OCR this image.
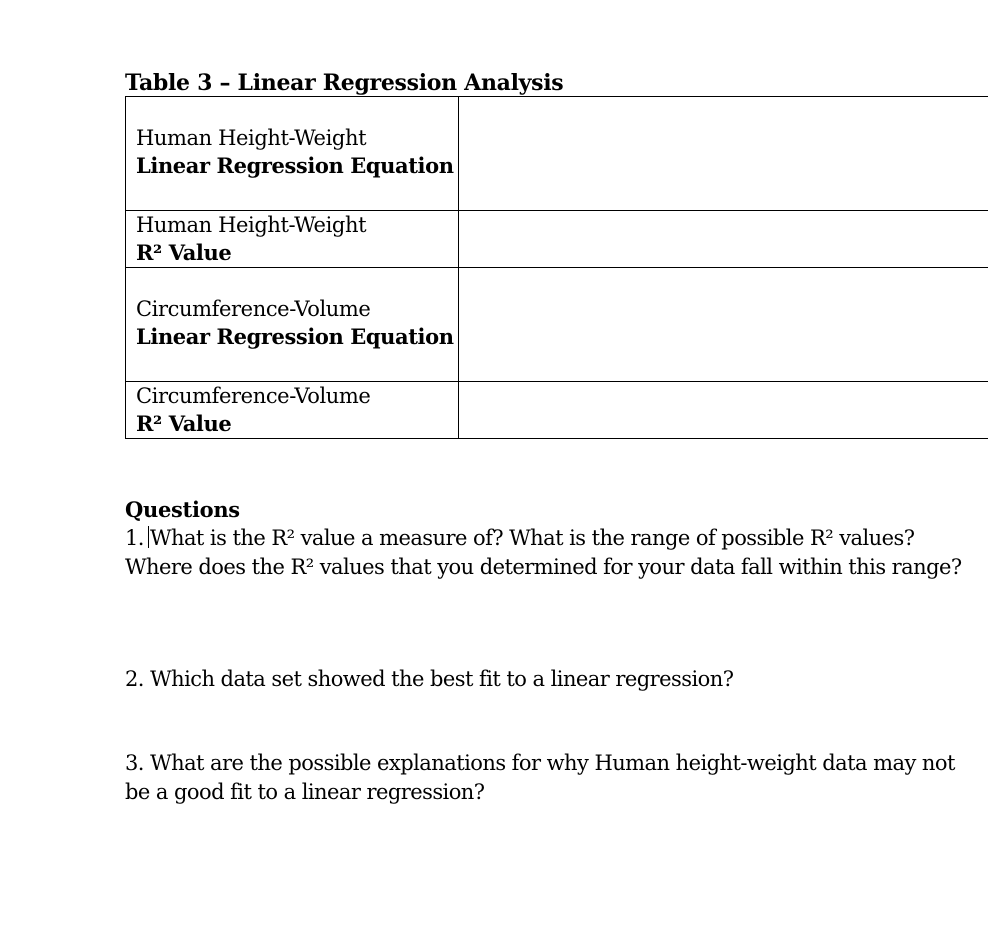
Table 3 – Linear Regression Analysis
Human Height-Weight
Linear Regression Equation	

Human Height-Weight
R² Value	

Circumference-Volume
Linear Regression Equation	

Circumference-Volume
R² Value	

Questions
1. What is the R² value a measure of? What is the range of possible R² values?
Where does the R² values that you determined for your data fall within this range?
2. Which data set showed the best fit to a linear regression?
3. What are the possible explanations for why Human height-weight data may not
be a good fit to a linear regression?
